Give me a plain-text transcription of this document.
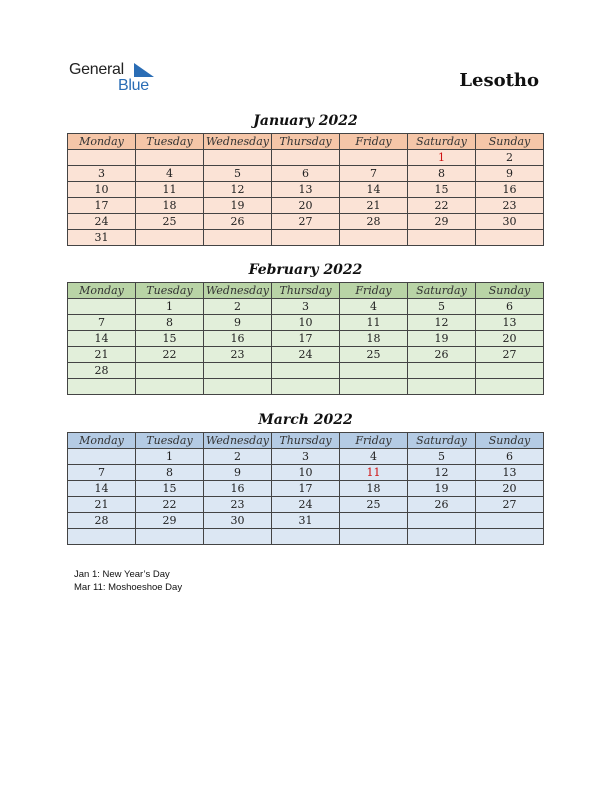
General
Blue	Lesotho
January 2022
Monday	Tuesday	Wednesday	Thursday	Friday	Saturday	Sunday
					1	2
3	4	5	6	7	8	9
10	11	12	13	14	15	16
17	18	19	20	21	22	23
24	25	26	27	28	29	30
31						
February 2022
Monday	Tuesday	Wednesday	Thursday	Friday	Saturday	Sunday
	1	2	3	4	5	6
7	8	9	10	11	12	13
14	15	16	17	18	19	20
21	22	23	24	25	26	27
28						

March 2022
Monday	Tuesday	Wednesday	Thursday	Friday	Saturday	Sunday
	1	2	3	4	5	6
7	8	9	10	11	12	13
14	15	16	17	18	19	20
21	22	23	24	25	26	27
28	29	30	31			

Jan 1: New Year’s Day
Mar 11: Moshoeshoe Day
